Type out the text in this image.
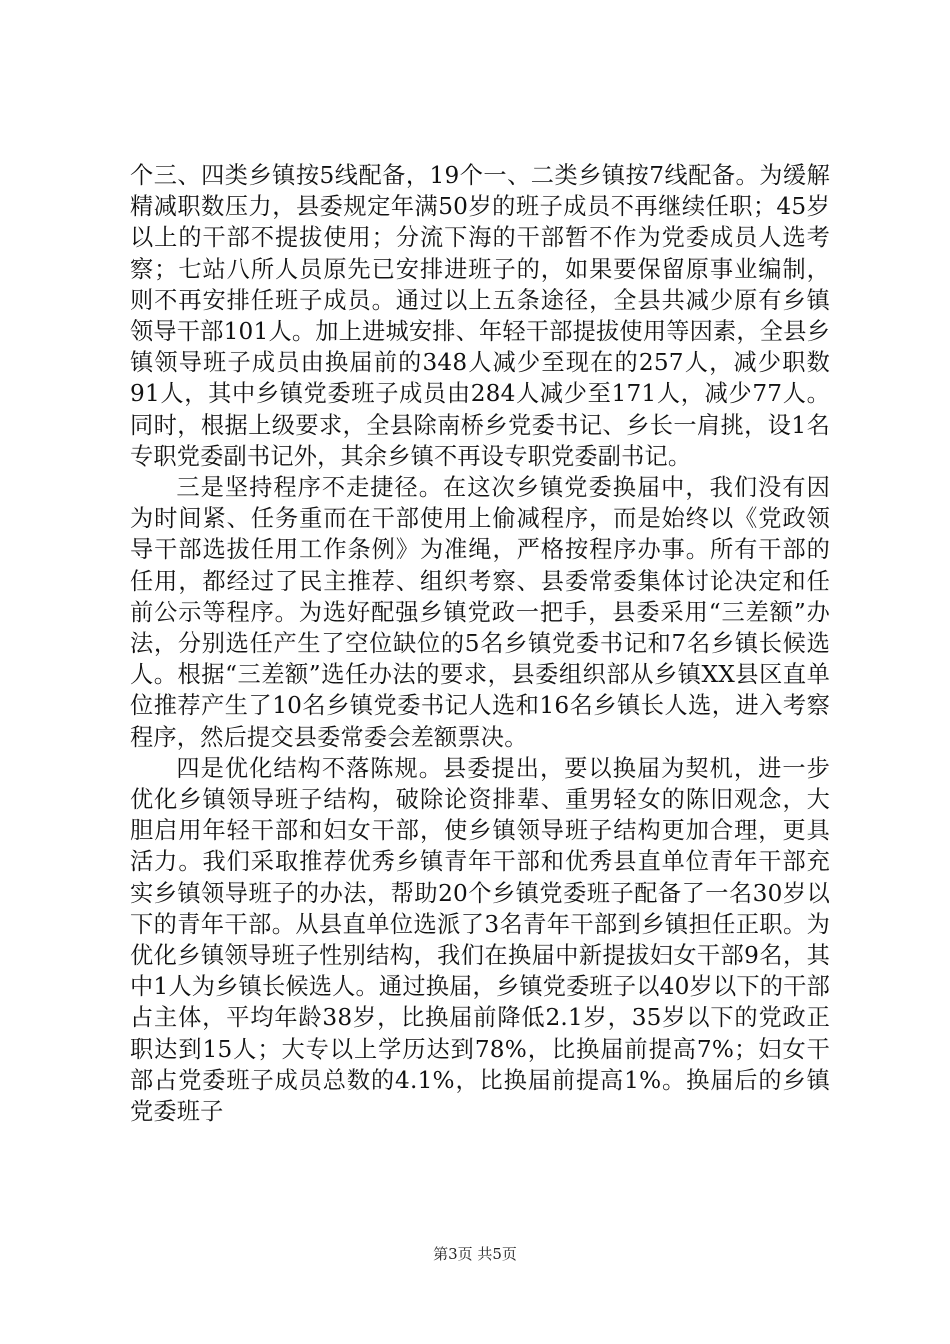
个三、四类乡镇按5线配备，19个一、二类乡镇按7线配备。为缓解精减职数压力，县委规定年满50岁的班子成员不再继续任职；45岁以上的干部不提拔使用；分流下海的干部暂不作为党委成员人选考察；七站八所人员原先已安排进班子的，如果要保留原事业编制，则不再安排任班子成员。通过以上五条途径，全县共减少原有乡镇领导干部101人。加上进城安排、年轻干部提拔使用等因素，全县乡镇领导班子成员由换届前的348人减少至现在的257人，减少职数91人，其中乡镇党委班子成员由284人减少至171人，减少77人。同时，根据上级要求，全县除南桥乡党委书记、乡长一肩挑，设1名专职党委副书记外，其余乡镇不再设专职党委副书记。

三是坚持程序不走捷径。在这次乡镇党委换届中，我们没有因为时间紧、任务重而在干部使用上偷减程序，而是始终以《党政领导干部选拔任用工作条例》为准绳，严格按程序办事。所有干部的任用，都经过了民主推荐、组织考察、县委常委集体讨论决定和任前公示等程序。为选好配强乡镇党政一把手，县委采用“三差额”办法，分别选任产生了空位缺位的5名乡镇党委书记和7名乡镇长候选人。根据“三差额”选任办法的要求，县委组织部从乡镇XX县区直单位推荐产生了10名乡镇党委书记人选和16名乡镇长人选，进入考察程序，然后提交县委常委会差额票决。

四是优化结构不落陈规。县委提出，要以换届为契机，进一步优化乡镇领导班子结构，破除论资排辈、重男轻女的陈旧观念，大胆启用年轻干部和妇女干部，使乡镇领导班子结构更加合理，更具活力。我们采取推荐优秀乡镇青年干部和优秀县直单位青年干部充实乡镇领导班子的办法，帮助20个乡镇党委班子配备了一名30岁以下的青年干部。从县直单位选派了3名青年干部到乡镇担任正职。为优化乡镇领导班子性别结构，我们在换届中新提拔妇女干部9名，其中1人为乡镇长候选人。通过换届，乡镇党委班子以40岁以下的干部占主体，平均年龄38岁，比换届前降低2.1岁，35岁以下的党政正职达到15人；大专以上学历达到78%，比换届前提高7%；妇女干部占党委班子成员总数的4.1%，比换届前提高1%。换届后的乡镇党委班子

第3页 共5页
